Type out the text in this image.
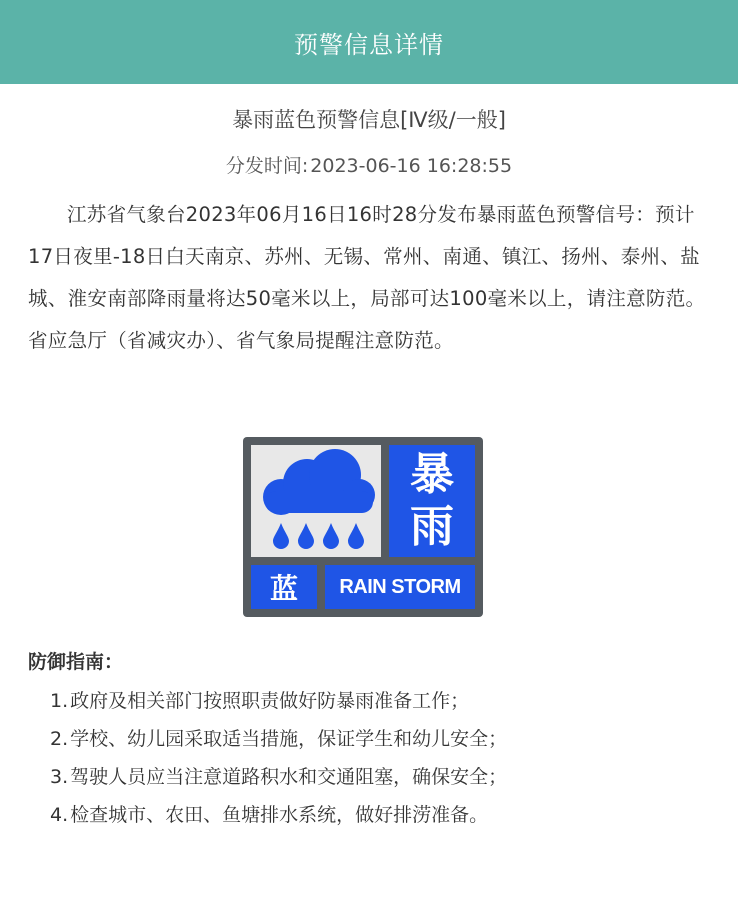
预警信息详情
暴雨蓝色预警信息[Ⅳ级/一般]
分发时间: 2023-06-16 16:28:55
江苏省气象台2023年06月16日16时28分发布暴雨蓝色预警信号：预计17日夜里-18日白天南京、苏州、无锡、常州、南通、镇江、扬州、泰州、盐城、淮安南部降雨量将达50毫米以上，局部可达100毫米以上，请注意防范。省应急厅（省减灾办）、省气象局提醒注意防范。
暴
雨
蓝 RAIN STORM
防御指南：
1. 政府及相关部门按照职责做好防暴雨准备工作；
2. 学校、幼儿园采取适当措施，保证学生和幼儿安全；
3. 驾驶人员应当注意道路积水和交通阻塞，确保安全；
4. 检查城市、农田、鱼塘排水系统，做好排涝准备。
